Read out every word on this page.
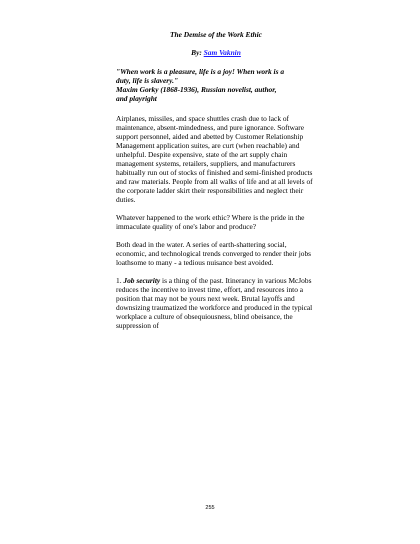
The Demise of the Work Ethic
By: Sam Vaknin
"When work is a pleasure, life is a joy! When work is a
duty, life is slavery."
Maxim Gorky (1868-1936), Russian novelist, author,
and playright

Airplanes, missiles, and space shuttles crash due to lack of maintenance, absent-mindedness, and pure ignorance. Software support personnel, aided and abetted by Customer Relationship Management application suites, are curt (when reachable) and unhelpful. Despite expensive, state of the art supply chain management systems, retailers, suppliers, and manufacturers habitually run out of stocks of finished and semi-finished products and raw materials. People from all walks of life and at all levels of the corporate ladder skirt their responsibilities and neglect their duties.

Whatever happened to the work ethic? Where is the pride in the immaculate quality of one's labor and produce?

Both dead in the water. A series of earth-shattering social, economic, and technological trends converged to render their jobs loathsome to many - a tedious nuisance best avoided.

1. Job security is a thing of the past. Itinerancy in various McJobs reduces the incentive to invest time, effort, and resources into a position that may not be yours next week. Brutal layoffs and downsizing traumatized the workforce and produced in the typical workplace a culture of obsequiousness, blind obeisance, the suppression of

255
